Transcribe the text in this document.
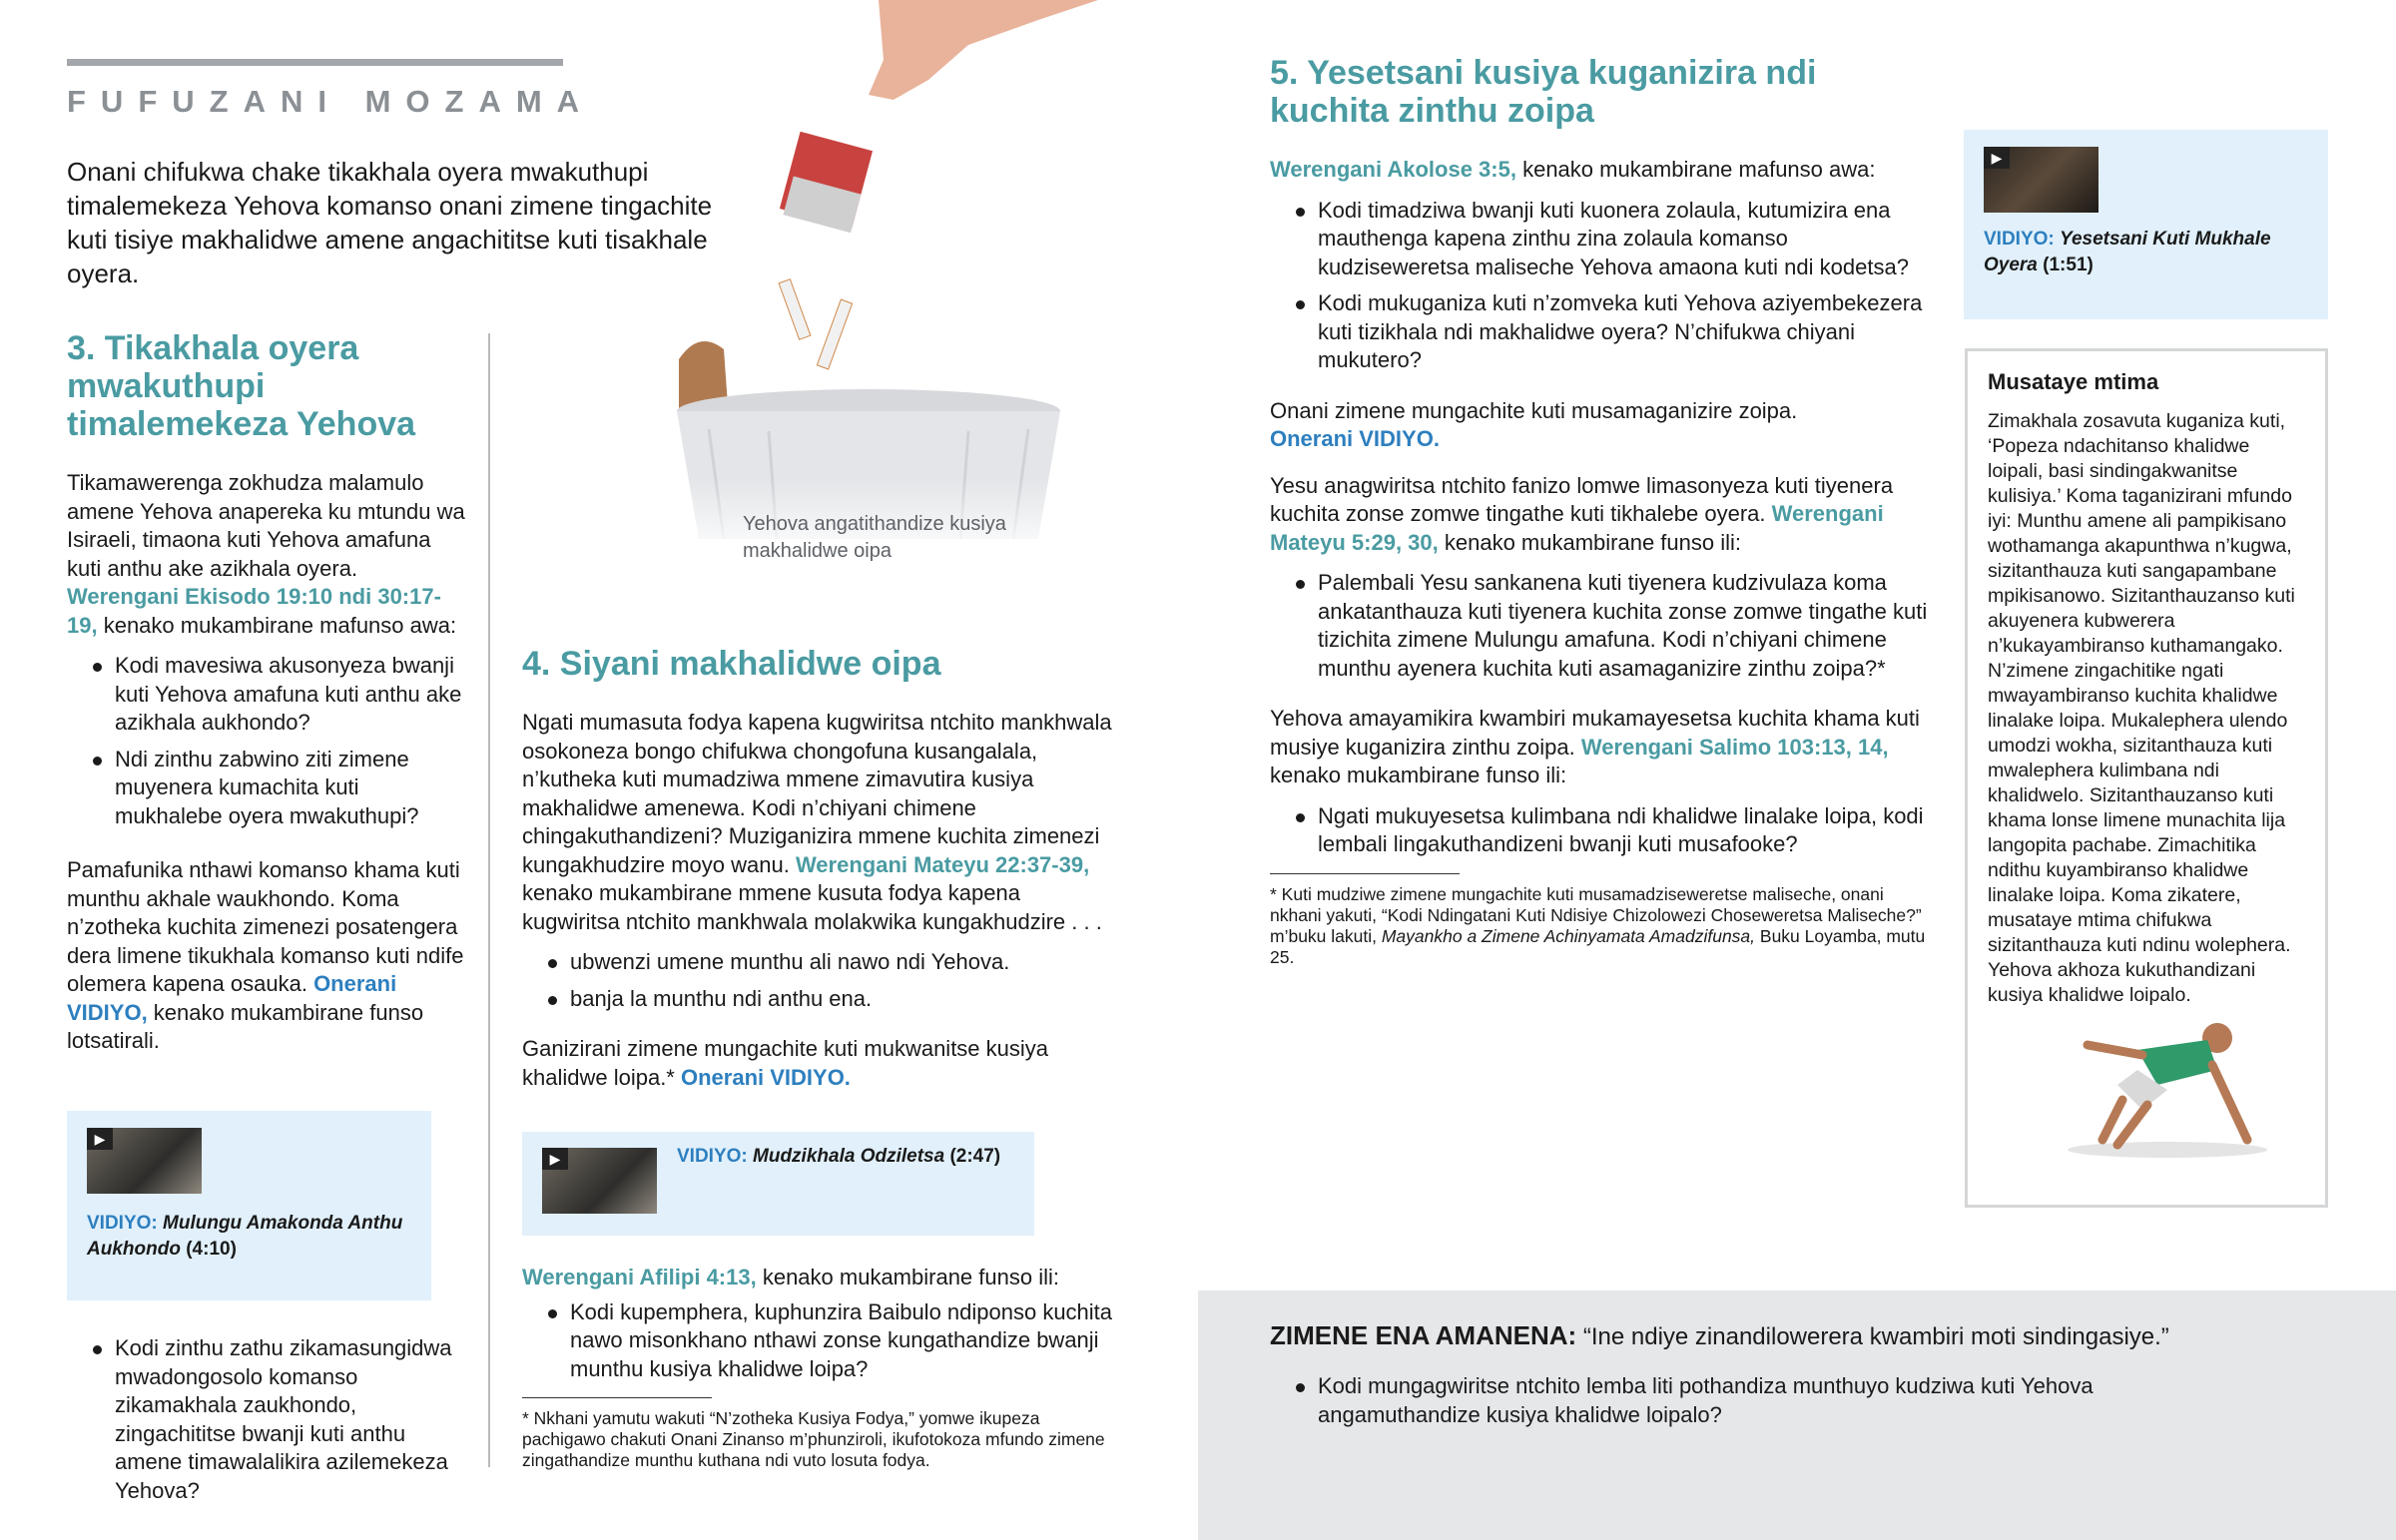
FUFUZANI MOZAMA

Onani chifukwa chake tikakhala oyera mwakuthupi timalemekeza Yehova komanso onani zimene tingachite kuti tisiye makhalidwe amene angachititse kuti tisakhale oyera.

3. Tikakhala oyera mwakuthupi timalemekeza Yehova

Tikamawerenga zokhudza malamulo amene Yehova anapereka ku mtundu wa Isiraeli, timaona kuti Yehova amafuna kuti anthu ake azikhala oyera. Werengani Ekisodo 19:10 ndi 30:17-19, kenako mukambirane mafunso awa:

Kodi mavesiwa akusonyeza bwanji kuti Yehova amafuna kuti anthu ake azikhala aukhondo?
Ndi zinthu zabwino ziti zimene muyenera kumachita kuti mukhalebe oyera mwakuthupi?

Pamafunika nthawi komanso khama kuti munthu akhale waukhondo. Koma n’zotheka kuchita zimenezi posatengera dera limene tikukhala komanso kuti ndife olemera kapena osauka. Onerani VIDIYO, kenako mukambirane funso lotsatirali.

▶
VIDIYO: Mulungu Amakonda Anthu Aukhondo (4:10)
Kodi zinthu zathu zikamasungidwa mwadongosolo komanso zikamakhala zaukhondo, zingachititse bwanji kuti anthu amene timawalalikira azilemekeza Yehova?
Yehova angatithandize kusiya makhalidwe oipa
4. Siyani makhalidwe oipa

Ngati mumasuta fodya kapena kugwiritsa ntchito mankhwala osokoneza bongo chifukwa chongofuna kusangalala, n’kutheka kuti mumadziwa mmene zimavutira kusiya makhalidwe amenewa. Kodi n’chiyani chimene chingakuthandizeni? Muziganizira mmene kuchita zimenezi kungakhudzire moyo wanu. Werengani Mateyu 22:37-39, kenako mukambirane mmene kusuta fodya kapena kugwiritsa ntchito mankhwala molakwika kungakhudzire . . .

ubwenzi umene munthu ali nawo ndi Yehova.
banja la munthu ndi anthu ena.

Ganizirani zimene mungachite kuti mukwanitse kusiya khalidwe loipa.* Onerani VIDIYO.

▶	VIDIYO: Mudzikhala Odziletsa (2:47)

Werengani Afilipi 4:13, kenako mukambirane funso ili:

Kodi kupemphera, kuphunzira Baibulo ndiponso kuchita nawo misonkhano nthawi zonse kungathandize bwanji munthu kusiya khalidwe loipa?
* Nkhani yamutu wakuti “N’zotheka Kusiya Fodya,” yomwe ikupeza pachigawo chakuti Onani Zinanso m’phunziroli, ikufotokoza mfundo zimene zingathandize munthu kuthana ndi vuto losuta fodya.
5. Yesetsani kusiya kuganizira ndi kuchita zinthu zoipa

Werengani Akolose 3:5, kenako mukambirane mafunso awa:

Kodi timadziwa bwanji kuti kuonera zolaula, kutumizira ena mauthenga kapena zinthu zina zolaula komanso kudziseweretsa maliseche Yehova amaona kuti ndi kodetsa?
Kodi mukuganiza kuti n’zomveka kuti Yehova aziyembekezera kuti tizikhala ndi makhalidwe oyera? N’chifukwa chiyani mukutero?

Onani zimene mungachite kuti musamaganizire zoipa.
Onerani VIDIYO.

Yesu anagwiritsa ntchito fanizo lomwe limasonyeza kuti tiyenera kuchita zonse zomwe tingathe kuti tikhalebe oyera. Werengani Mateyu 5:29, 30, kenako mukambirane funso ili:

Palembali Yesu sankanena kuti tiyenera kudzivulaza koma ankatanthauza kuti tiyenera kuchita zonse zomwe tingathe kuti tizichita zimene Mulungu amafuna. Kodi n’chiyani chimene munthu ayenera kuchita kuti asamaganizire zinthu zoipa?*

Yehova amayamikira kwambiri mukamayesetsa kuchita khama kuti musiye kuganizira zinthu zoipa. Werengani Salimo 103:13, 14, kenako mukambirane funso ili:

Ngati mukuyesetsa kulimbana ndi khalidwe linalake loipa, kodi lembali lingakuthandizeni bwanji kuti musafooke?
* Kuti mudziwe zimene mungachite kuti musamadziseweretse maliseche, onani nkhani yakuti, “Kodi Ndingatani Kuti Ndisiye Chizolowezi Choseweretsa Maliseche?” m’buku lakuti, Mayankho a Zimene Achinyamata Amadzifunsa, Buku Loyamba, mutu 25.
▶
VIDIYO: Yesetsani Kuti Mukhale Oyera (1:51)
Musataye mtima

Zimakhala zosavuta kuganiza kuti, ‘Popeza ndachitanso khalidwe loipali, basi sindingakwanitse kulisiya.’ Koma taganizirani mfundo iyi: Munthu amene ali pampikisano wothamanga akapunthwa n’kugwa, sizitanthauza kuti sangapambane mpikisanowo. Sizitanthauzanso kuti akuyenera kubwerera n’kukayambiranso kuthamangako. N’zimene zingachitike ngati mwayambiranso kuchita khalidwe linalake loipa. Mukalephera ulendo umodzi wokha, sizitanthauza kuti mwalephera kulimbana ndi khalidwelo. Sizitanthauzanso kuti khama lonse limene munachita lija langopita pachabe. Zimachitika ndithu kuyambiranso khalidwe linalake loipa. Koma zikatere, musataye mtima chifukwa sizitanthauza kuti ndinu wolephera. Yehova akhoza kukuthandizani kusiya khalidwe loipalo.

ZIMENE ENA AMANENA: “Ine ndiye zinandilowerera kwambiri moti sindingasiye.”
Kodi mungagwiritse ntchito lemba liti pothandiza munthuyo kudziwa kuti Yehova angamuthandize kusiya khalidwe loipalo?
